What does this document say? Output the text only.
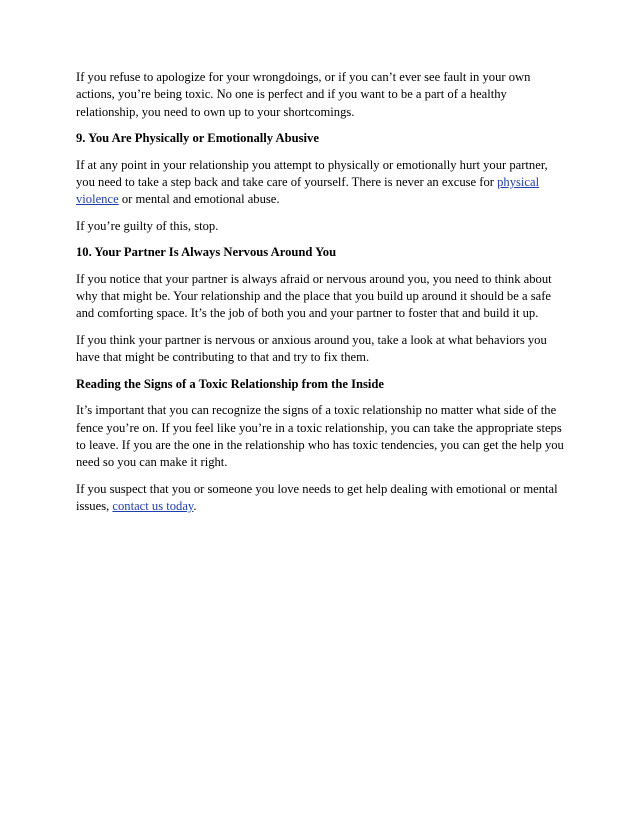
If you refuse to apologize for your wrongdoings, or if you can’t ever see fault in your own actions, you’re being toxic. No one is perfect and if you want to be a part of a healthy relationship, you need to own up to your shortcomings.

9. You Are Physically or Emotionally Abusive

If at any point in your relationship you attempt to physically or emotionally hurt your partner, you need to take a step back and take care of yourself. There is never an excuse for physical violence or mental and emotional abuse.

If you’re guilty of this, stop.

10. Your Partner Is Always Nervous Around You

If you notice that your partner is always afraid or nervous around you, you need to think about why that might be. Your relationship and the place that you build up around it should be a safe and comforting space. It’s the job of both you and your partner to foster that and build it up.

If you think your partner is nervous or anxious around you, take a look at what behaviors you have that might be contributing to that and try to fix them.

Reading the Signs of a Toxic Relationship from the Inside

It’s important that you can recognize the signs of a toxic relationship no matter what side of the fence you’re on. If you feel like you’re in a toxic relationship, you can take the appropriate steps to leave. If you are the one in the relationship who has toxic tendencies, you can get the help you need so you can make it right.

If you suspect that you or someone you love needs to get help dealing with emotional or mental issues, contact us today.
